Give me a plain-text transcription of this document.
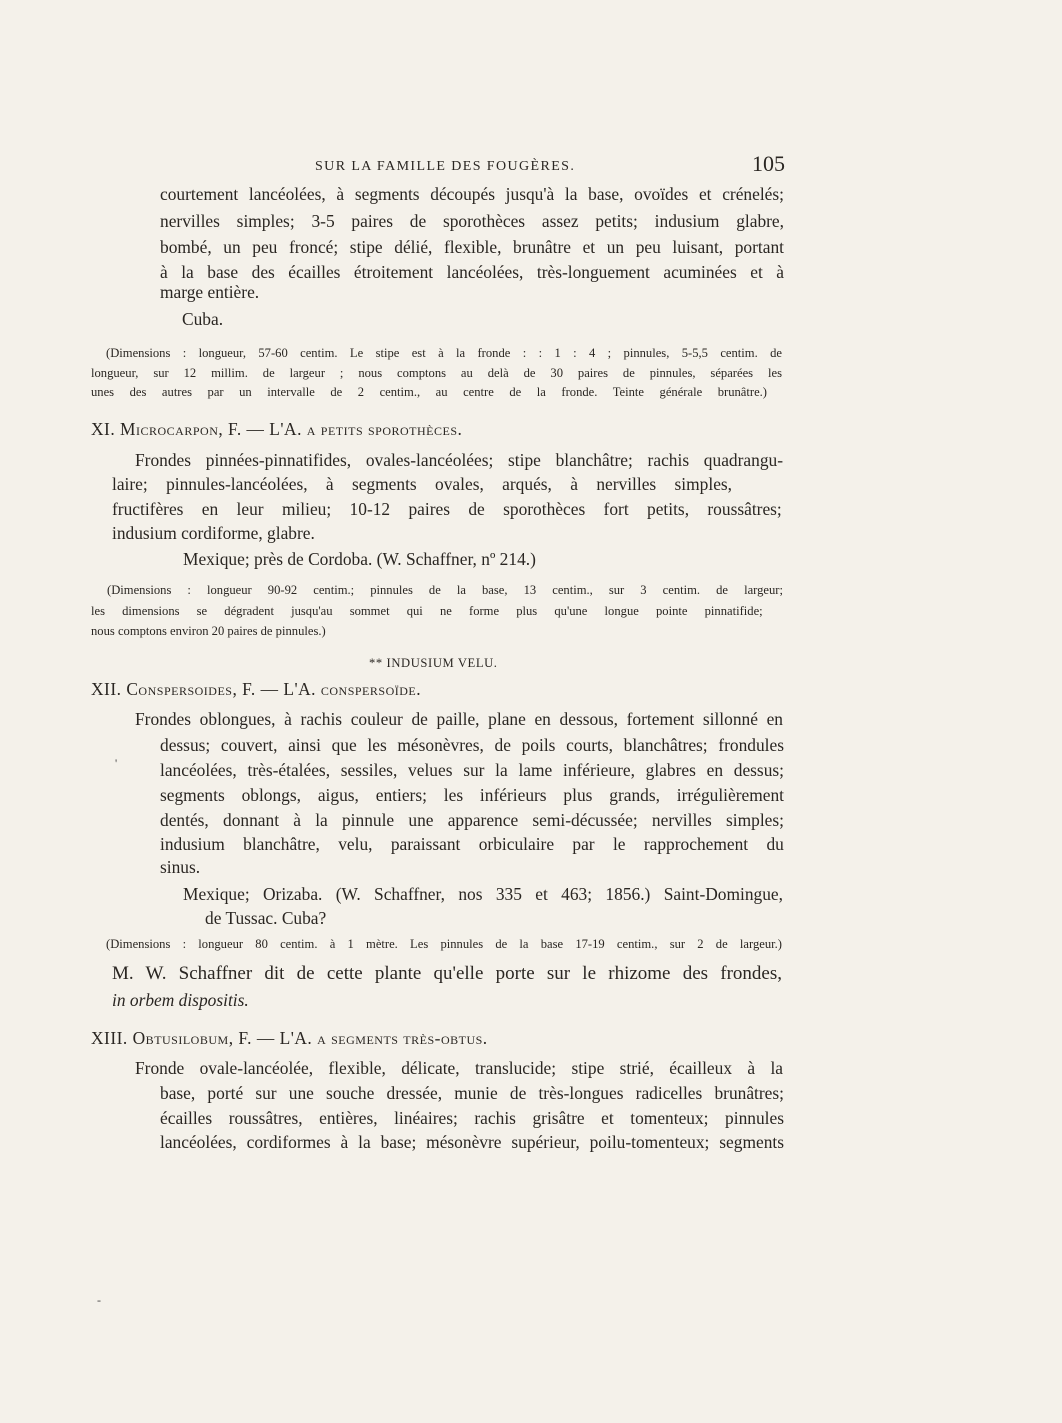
SUR LA FAMILLE DES FOUGÈRES.	105
courtement lancéolées, à segments découpés jusqu'à la base, ovoïdes et crénelés;
nervilles simples; 3-5 paires de sporothèces assez petits; indusium glabre,
bombé, un peu froncé; stipe délié, flexible, brunâtre et un peu luisant, portant
à la base des écailles étroitement lancéolées, très-longuement acuminées et à
marge entière.
Cuba.
(Dimensions : longueur, 57-60 centim. Le stipe est à la fronde : : 1 : 4 ; pinnules, 5-5,5 centim. de
longueur, sur 12 millim. de largeur ; nous comptons au delà de 30 paires de pinnules, séparées les
unes des autres par un intervalle de 2 centim., au centre de la fronde. Teinte générale brunâtre.)
XI. Microcarpon, F. — L'A. a petits sporothèces.
Frondes pinnées-pinnatifides, ovales-lancéolées; stipe blanchâtre; rachis quadrangu-
laire; pinnules-lancéolées, à segments ovales, arqués, à nervilles simples,
fructifères en leur milieu; 10-12 paires de sporothèces fort petits, roussâtres;
indusium cordiforme, glabre.
Mexique; près de Cordoba. (W. Schaffner, nº 214.)
(Dimensions : longueur 90-92 centim.; pinnules de la base, 13 centim., sur 3 centim. de largeur;
les dimensions se dégradent jusqu'au sommet qui ne forme plus qu'une longue pointe pinnatifide;
nous comptons environ 20 paires de pinnules.)
** INDUSIUM VELU.
XII. Conspersoides, F. — L'A. conspersoïde.
Frondes oblongues, à rachis couleur de paille, plane en dessous, fortement sillonné en
dessus; couvert, ainsi que les mésonèvres, de poils courts, blanchâtres; frondules
lancéolées, très-étalées, sessiles, velues sur la lame inférieure, glabres en dessus;
segments oblongs, aigus, entiers; les inférieurs plus grands, irrégulièrement
dentés, donnant à la pinnule une apparence semi-décussée; nervilles simples;
indusium blanchâtre, velu, paraissant orbiculaire par le rapprochement du
sinus.
Mexique; Orizaba. (W. Schaffner, nos 335 et 463; 1856.) Saint-Domingue,
de Tussac. Cuba?
(Dimensions : longueur 80 centim. à 1 mètre. Les pinnules de la base 17-19 centim., sur 2 de largeur.)
M. W. Schaffner dit de cette plante qu'elle porte sur le rhizome des frondes,
in orbem dispositis.
XIII. Obtusilobum, F. — L'A. a segments très-obtus.
Fronde ovale-lancéolée, flexible, délicate, translucide; stipe strié, écailleux à la
base, porté sur une souche dressée, munie de très-longues radicelles brunâtres;
écailles roussâtres, entières, linéaires; rachis grisâtre et tomenteux; pinnules
lancéolées, cordiformes à la base; mésonèvre supérieur, poilu-tomenteux; segments
'
-
